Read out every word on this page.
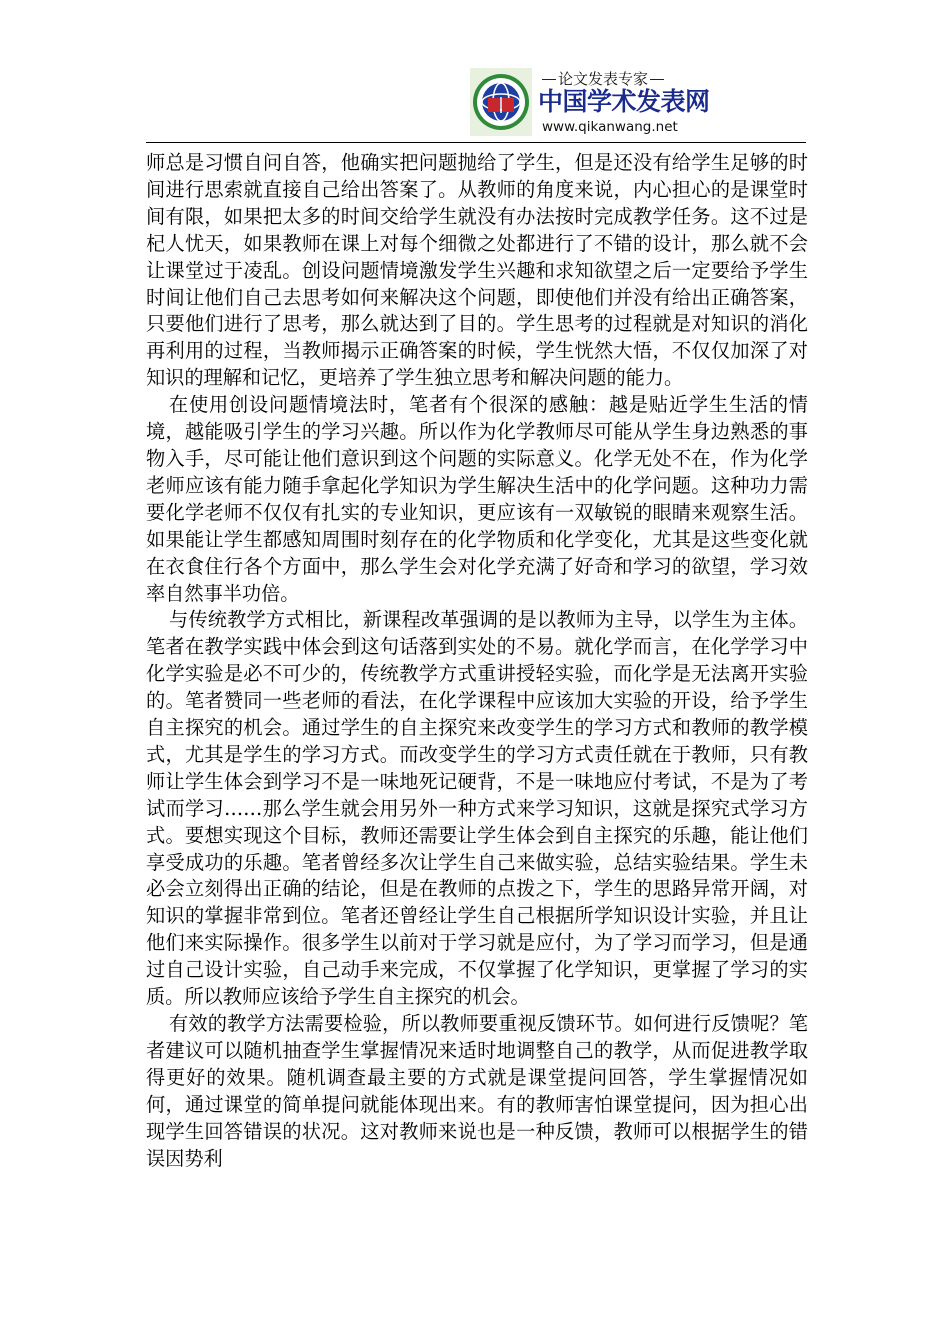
论文发表专家
中国学术发表网
www.qikanwang.net

师总是习惯自问自答，他确实把问题抛给了学生，但是还没有给学生足够的时间进行思索就直接自己给出答案了。从教师的角度来说，内心担心的是课堂时间有限，如果把太多的时间交给学生就没有办法按时完成教学任务。这不过是杞人忧天，如果教师在课上对每个细微之处都进行了不错的设计，那么就不会让课堂过于凌乱。创设问题情境激发学生兴趣和求知欲望之后一定要给予学生时间让他们自己去思考如何来解决这个问题，即使他们并没有给出正确答案，只要他们进行了思考，那么就达到了目的。学生思考的过程就是对知识的消化再利用的过程，当教师揭示正确答案的时候，学生恍然大悟，不仅仅加深了对知识的理解和记忆，更培养了学生独立思考和解决问题的能力。

在使用创设问题情境法时，笔者有个很深的感触：越是贴近学生生活的情境，越能吸引学生的学习兴趣。所以作为化学教师尽可能从学生身边熟悉的事物入手，尽可能让他们意识到这个问题的实际意义。化学无处不在，作为化学老师应该有能力随手拿起化学知识为学生解决生活中的化学问题。这种功力需要化学老师不仅仅有扎实的专业知识，更应该有一双敏锐的眼睛来观察生活。如果能让学生都感知周围时刻存在的化学物质和化学变化，尤其是这些变化就在衣食住行各个方面中，那么学生会对化学充满了好奇和学习的欲望，学习效率自然事半功倍。

与传统教学方式相比，新课程改革强调的是以教师为主导，以学生为主体。笔者在教学实践中体会到这句话落到实处的不易。就化学而言，在化学学习中化学实验是必不可少的，传统教学方式重讲授轻实验，而化学是无法离开实验的。笔者赞同一些老师的看法，在化学课程中应该加大实验的开设，给予学生自主探究的机会。通过学生的自主探究来改变学生的学习方式和教师的教学模式，尤其是学生的学习方式。而改变学生的学习方式责任就在于教师，只有教师让学生体会到学习不是一味地死记硬背，不是一味地应付考试，不是为了考试而学习……那么学生就会用另外一种方式来学习知识，这就是探究式学习方式。要想实现这个目标，教师还需要让学生体会到自主探究的乐趣，能让他们享受成功的乐趣。笔者曾经多次让学生自己来做实验，总结实验结果。学生未必会立刻得出正确的结论，但是在教师的点拨之下，学生的思路异常开阔，对知识的掌握非常到位。笔者还曾经让学生自己根据所学知识设计实验，并且让他们来实际操作。很多学生以前对于学习就是应付，为了学习而学习，但是通过自己设计实验，自己动手来完成，不仅掌握了化学知识，更掌握了学习的实质。所以教师应该给予学生自主探究的机会。

有效的教学方法需要检验，所以教师要重视反馈环节。如何进行反馈呢？笔者建议可以随机抽查学生掌握情况来适时地调整自己的教学，从而促进教学取得更好的效果。随机调查最主要的方式就是课堂提问回答，学生掌握情况如何，通过课堂的简单提问就能体现出来。有的教师害怕课堂提问，因为担心出现学生回答错误的状况。这对教师来说也是一种反馈，教师可以根据学生的错误因势利
